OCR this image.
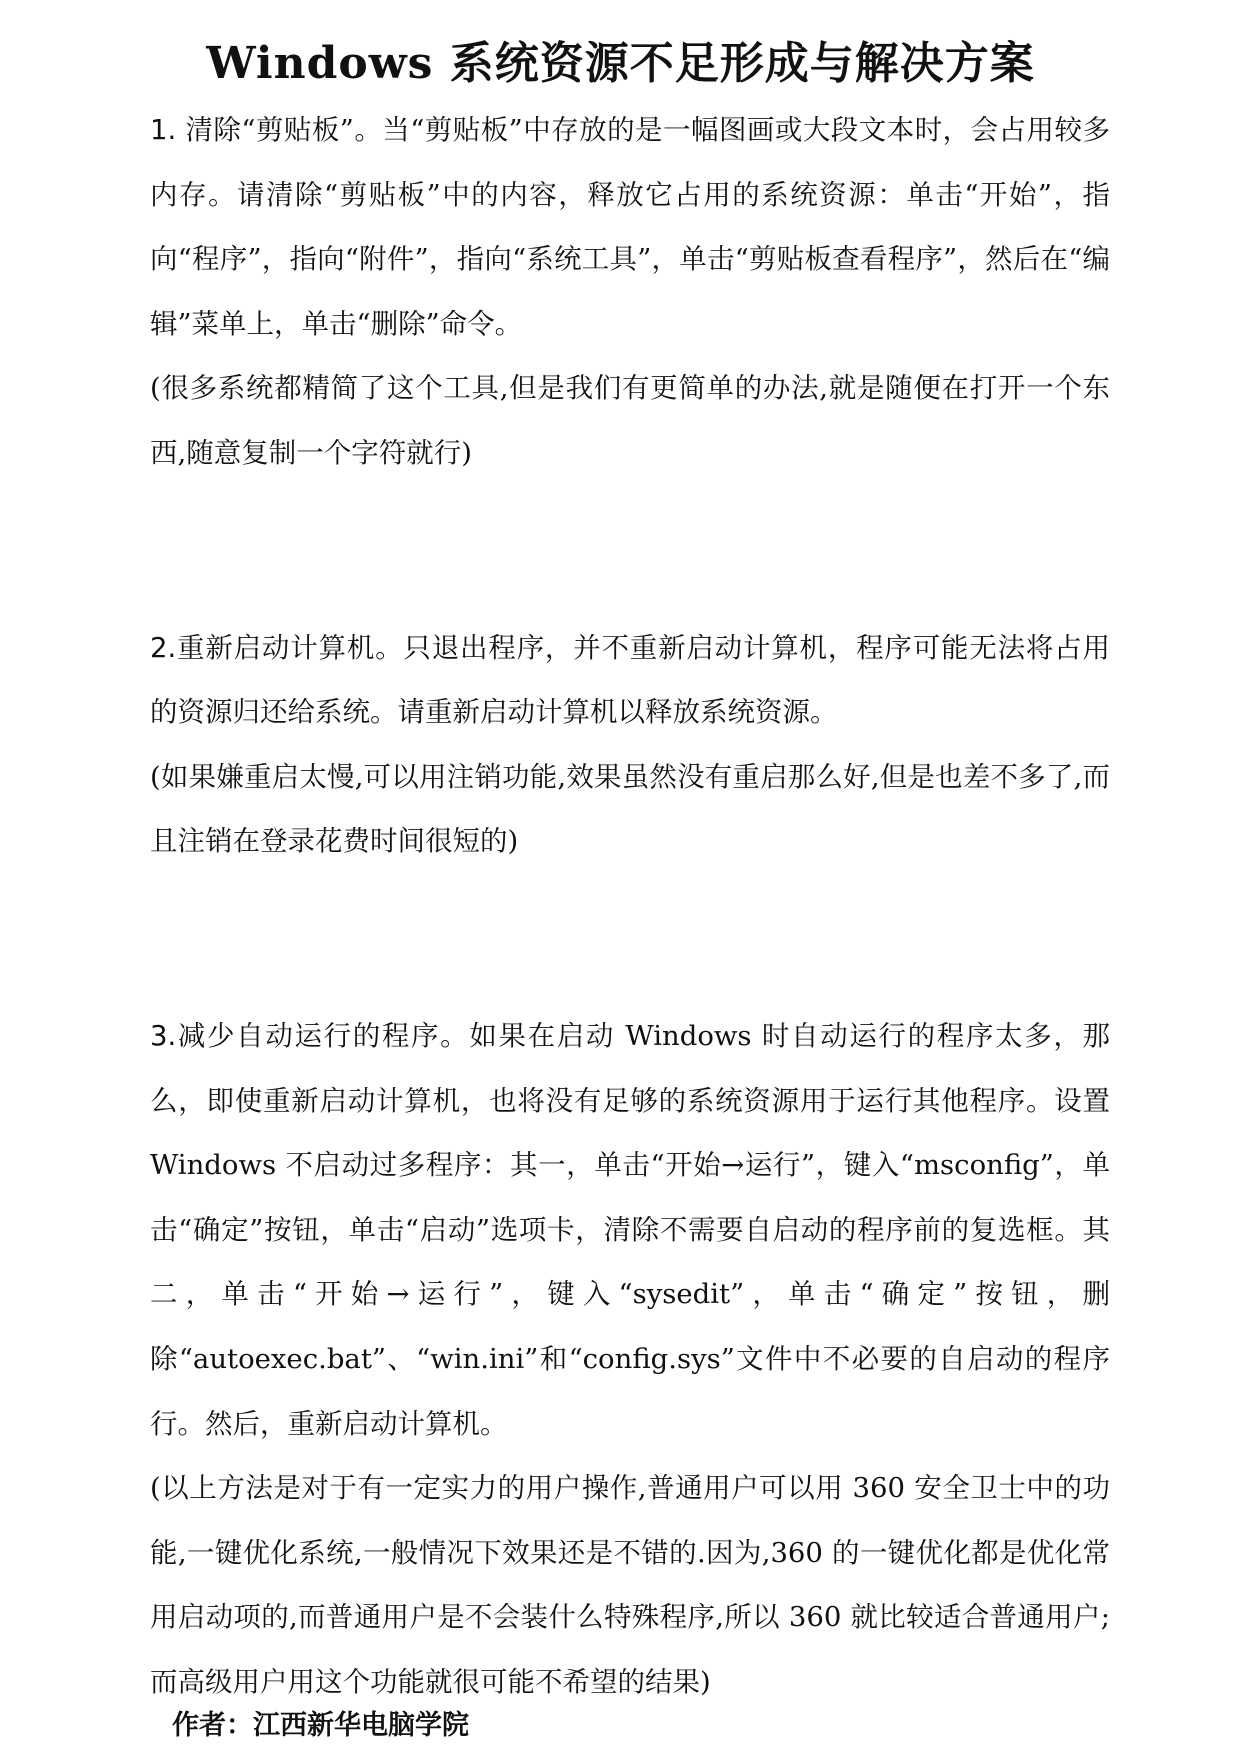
Windows 系统资源不足形成与解决方案

1. 清除“剪贴板”。当“剪贴板”中存放的是一幅图画或大段文本时，会占用较多内存。请清除“剪贴板”中的内容，释放它占用的系统资源：单击“开始”，指向“程序”，指向“附件”，指向“系统工具”，单击“剪贴板查看程序”，然后在“编辑”菜单上，单击“删除”命令。

(很多系统都精简了这个工具,但是我们有更简单的办法,就是随便在打开一个东西,随意复制一个字符就行)

2.重新启动计算机。只退出程序，并不重新启动计算机，程序可能无法将占用的资源归还给系统。请重新启动计算机以释放系统资源。

(如果嫌重启太慢,可以用注销功能,效果虽然没有重启那么好,但是也差不多了,而且注销在登录花费时间很短的)

3.减少自动运行的程序。如果在启动 Windows 时自动运行的程序太多，那么，即使重新启动计算机，也将没有足够的系统资源用于运行其他程序。设置 Windows 不启动过多程序：其一，单击“开始→运行”，键入“msconfig”，单击“确定”按钮，单击“启动”选项卡，清除不需要自启动的程序前的复选框。其二，单击“开始→运行”，键入“sysedit”，单击“确定”按钮，删除“autoexec.bat”、“win.ini”和“config.sys”文件中不必要的自启动的程序行。然后，重新启动计算机。

(以上方法是对于有一定实力的用户操作,普通用户可以用 360 安全卫士中的功能,一键优化系统,一般情况下效果还是不错的.因为,360 的一键优化都是优化常用启动项的,而普通用户是不会装什么特殊程序,所以 360 就比较适合普通用户;而高级用户用这个功能就很可能不希望的结果)

作者：江西新华电脑学院
